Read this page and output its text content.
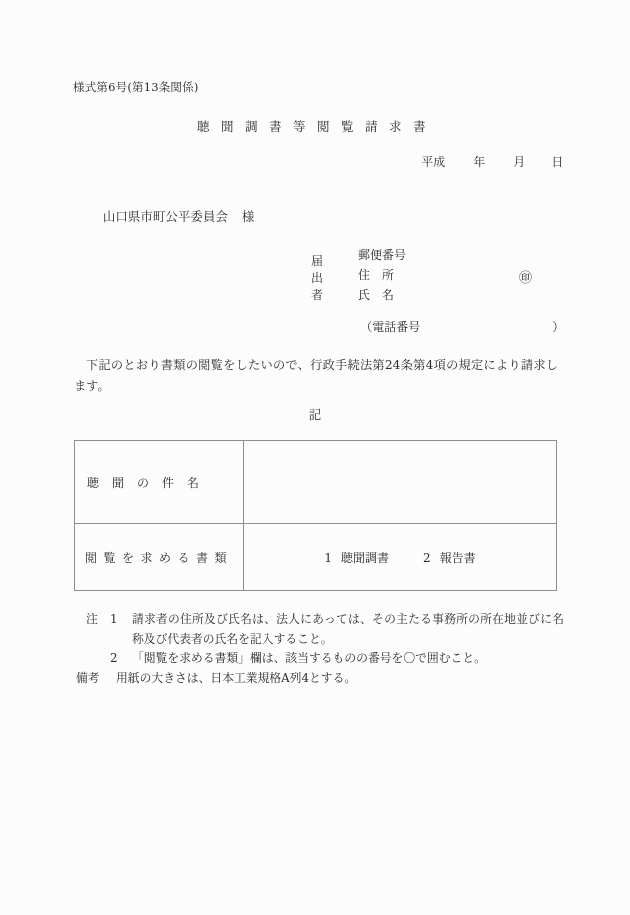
様式第6号(第13条関係)
聴聞調書等閲覧請求書

平成 年 月 日

山口県市町公平委員会 様

郵便番号

住所

氏名

届出者
㊞

（電話番号	）

下記のとおり書類の閲覧をしたいので、行政手続法第24条第4項の規定により請求します。
記
聴聞の件名	
閲覧を求める書類	1 聴聞調書 2 報告書
注 1	請求者の住所及び氏名は、法人にあっては、その主たる事務所の所在地並びに名称及び代表者の氏名を記入すること。
2	「閲覧を求める書類」欄は、該当するものの番号を〇で囲むこと。
備考	用紙の大きさは、日本工業規格A列4とする。
